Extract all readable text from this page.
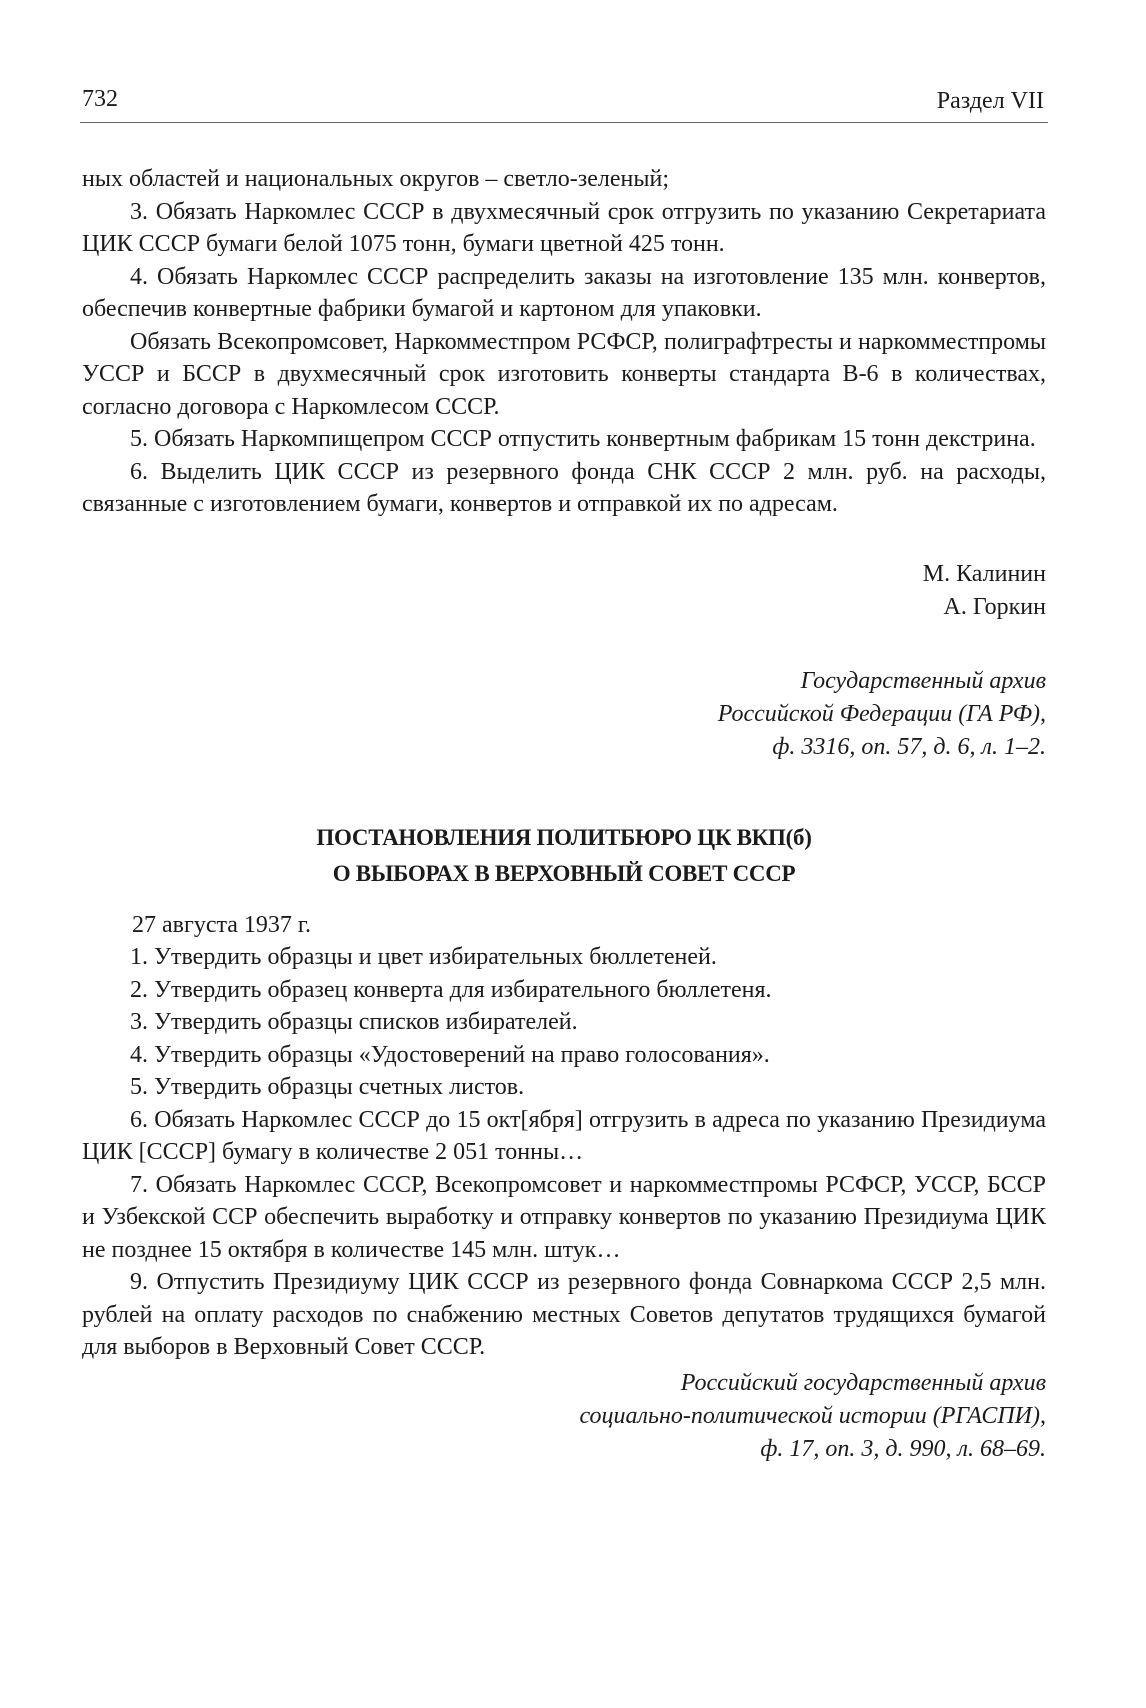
732	Раздел VII

ных областей и национальных округов – светло-зеленый;

3. Обязать Наркомлес СССР в двухмесячный срок отгрузить по указанию Секретариата ЦИК СССР бумаги белой 1075 тонн, бумаги цветной 425 тонн.

4. Обязать Наркомлес СССР распределить заказы на изготовление 135 млн. конвертов, обеспечив конвертные фабрики бумагой и картоном для упаковки.

Обязать Всекопромсовет, Наркомместпром РСФСР, полиграфтресты и наркомместпромы УССР и БССР в двухмесячный срок изготовить конверты стандарта В-6 в количествах, согласно договора с Наркомлесом СССР.

5. Обязать Наркомпищепром СССР отпустить конвертным фабрикам 15 тонн декстрина.

6. Выделить ЦИК СССР из резервного фонда СНК СССР 2 млн. руб. на расходы, связанные с изготовлением бумаги, конвертов и отправкой их по адресам.

М. Калинин

А. Горкин

Государственный архив

Российской Федерации (ГА РФ),

ф. 3316, оп. 57, д. 6, л. 1–2.

ПОСТАНОВЛЕНИЯ ПОЛИТБЮРО ЦК ВКП(б)

О ВЫБОРАХ В ВЕРХОВНЫЙ СОВЕТ СССР

27 августа 1937 г.

1. Утвердить образцы и цвет избирательных бюллетеней.

2. Утвердить образец конверта для избирательного бюллетеня.

3. Утвердить образцы списков избирателей.

4. Утвердить образцы «Удостоверений на право голосования».

5. Утвердить образцы счетных листов.

6. Обязать Наркомлес СССР до 15 окт[ября] отгрузить в адреса по указанию Президиума ЦИК [СССР] бумагу в количестве 2 051 тонны…

7. Обязать Наркомлес СССР, Всекопромсовет и наркомместпромы РСФСР, УССР, БССР и Узбекской ССР обеспечить выработку и отправку конвертов по указанию Президиума ЦИК не позднее 15 октября в количестве 145 млн. штук…

9. Отпустить Президиуму ЦИК СССР из резервного фонда Совнаркома СССР 2,5 млн. рублей на оплату расходов по снабжению местных Советов депутатов трудящихся бумагой для выборов в Верховный Совет СССР.

Российский государственный архив

социально-политической истории (РГАСПИ),

ф. 17, оп. 3, д. 990, л. 68–69.
